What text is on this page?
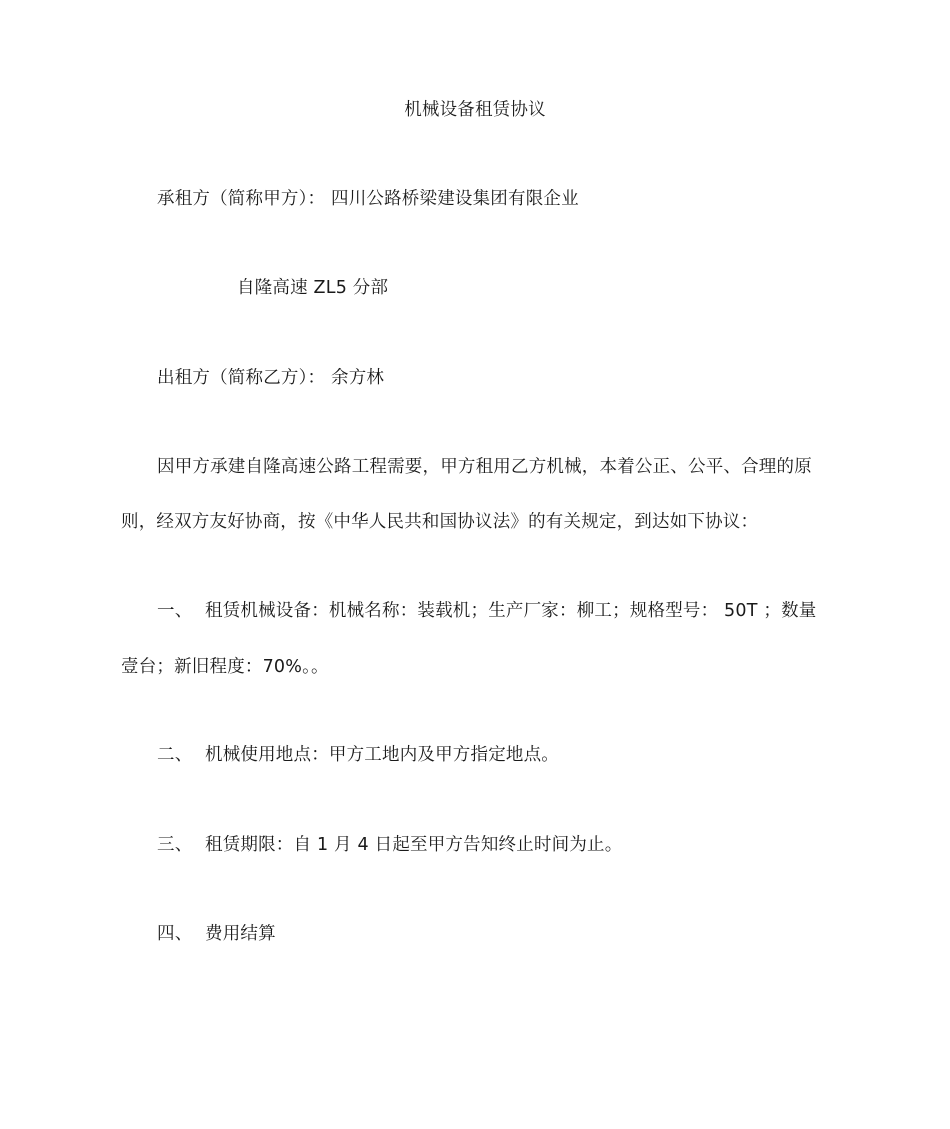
机械设备租赁协议
承租方（简称甲方）： 四川公路桥梁建设集团有限企业
自隆高速 ZL5 分部
出租方（简称乙方）： 余方林
因甲方承建自隆高速公路工程需要，甲方租用乙方机械，本着公正、公平、合理的原
则，经双方友好协商，按《中华人民共和国协议法》的有关规定，到达如下协议：
一、 租赁机械设备：机械名称：装载机；生产厂家：柳工；规格型号： 50T ；数量
壹台；新旧程度：70%。。
二、 机械使用地点：甲方工地内及甲方指定地点。
三、 租赁期限：自 1 月 4 日起至甲方告知终止时间为止。
四、 费用结算
